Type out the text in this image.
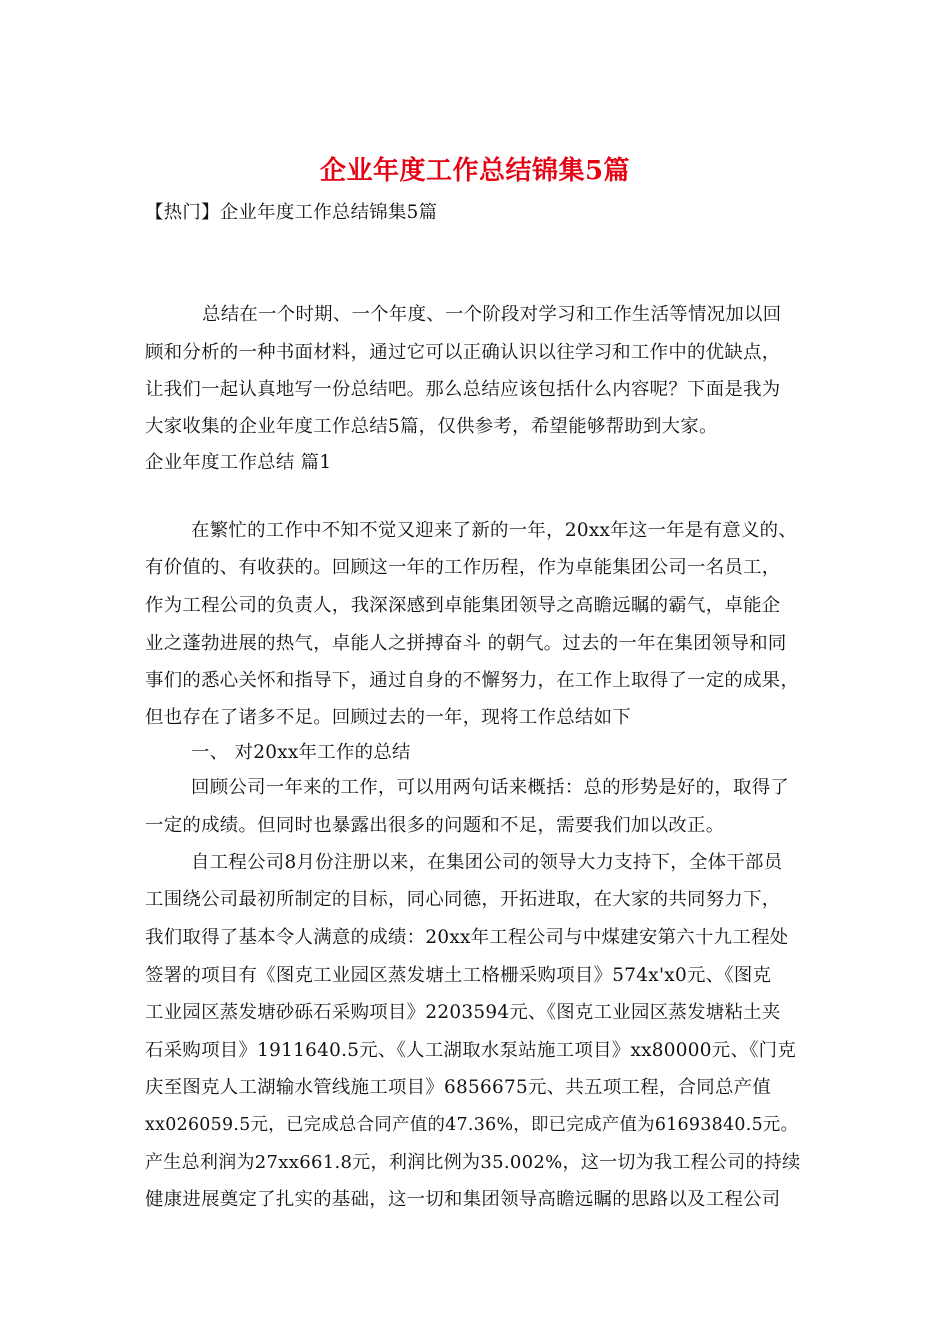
企业年度工作总结锦集5篇
【热门】企业年度工作总结锦集5篇
总结在一个时期、一个年度、一个阶段对学习和工作生活等情况加以回
顾和分析的一种书面材料，通过它可以正确认识以往学习和工作中的优缺点，
让我们一起认真地写一份总结吧。那么总结应该包括什么内容呢？下面是我为
大家收集的企业年度工作总结5篇，仅供参考，希望能够帮助到大家。
企业年度工作总结 篇1
在繁忙的工作中不知不觉又迎来了新的一年，20xx年这一年是有意义的、
有价值的、有收获的。回顾这一年的工作历程，作为卓能集团公司一名员工，
作为工程公司的负责人，我深深感到卓能集团领导之高瞻远瞩的霸气，卓能企
业之蓬勃进展的热气，卓能人之拼搏奋斗 的朝气。过去的一年在集团领导和同
事们的悉心关怀和指导下，通过自身的不懈努力，在工作上取得了一定的成果，
但也存在了诸多不足。回顾过去的一年，现将工作总结如下
一、 对20xx年工作的总结
回顾公司一年来的工作，可以用两句话来概括：总的形势是好的，取得了
一定的成绩。但同时也暴露出很多的问题和不足，需要我们加以改正。
自工程公司8月份注册以来，在集团公司的领导大力支持下，全体干部员
工围绕公司最初所制定的目标，同心同德，开拓进取，在大家的共同努力下，
我们取得了基本令人满意的成绩：20xx年工程公司与中煤建安第六十九工程处
签署的项目有《图克工业园区蒸发塘土工格栅采购项目》574x'x0元、《图克
工业园区蒸发塘砂砾石采购项目》2203594元、《图克工业园区蒸发塘粘土夹
石采购项目》1911640.5元、《人工湖取水泵站施工项目》xx80000元、《门克
庆至图克人工湖输水管线施工项目》6856675元、共五项工程，合同总产值
xx026059.5元，已完成总合同产值的47.36%，即已完成产值为61693840.5元。
产生总利润为27xx661.8元，利润比例为35.002%，这一切为我工程公司的持续
健康进展奠定了扎实的基础，这一切和集团领导高瞻远瞩的思路以及工程公司
